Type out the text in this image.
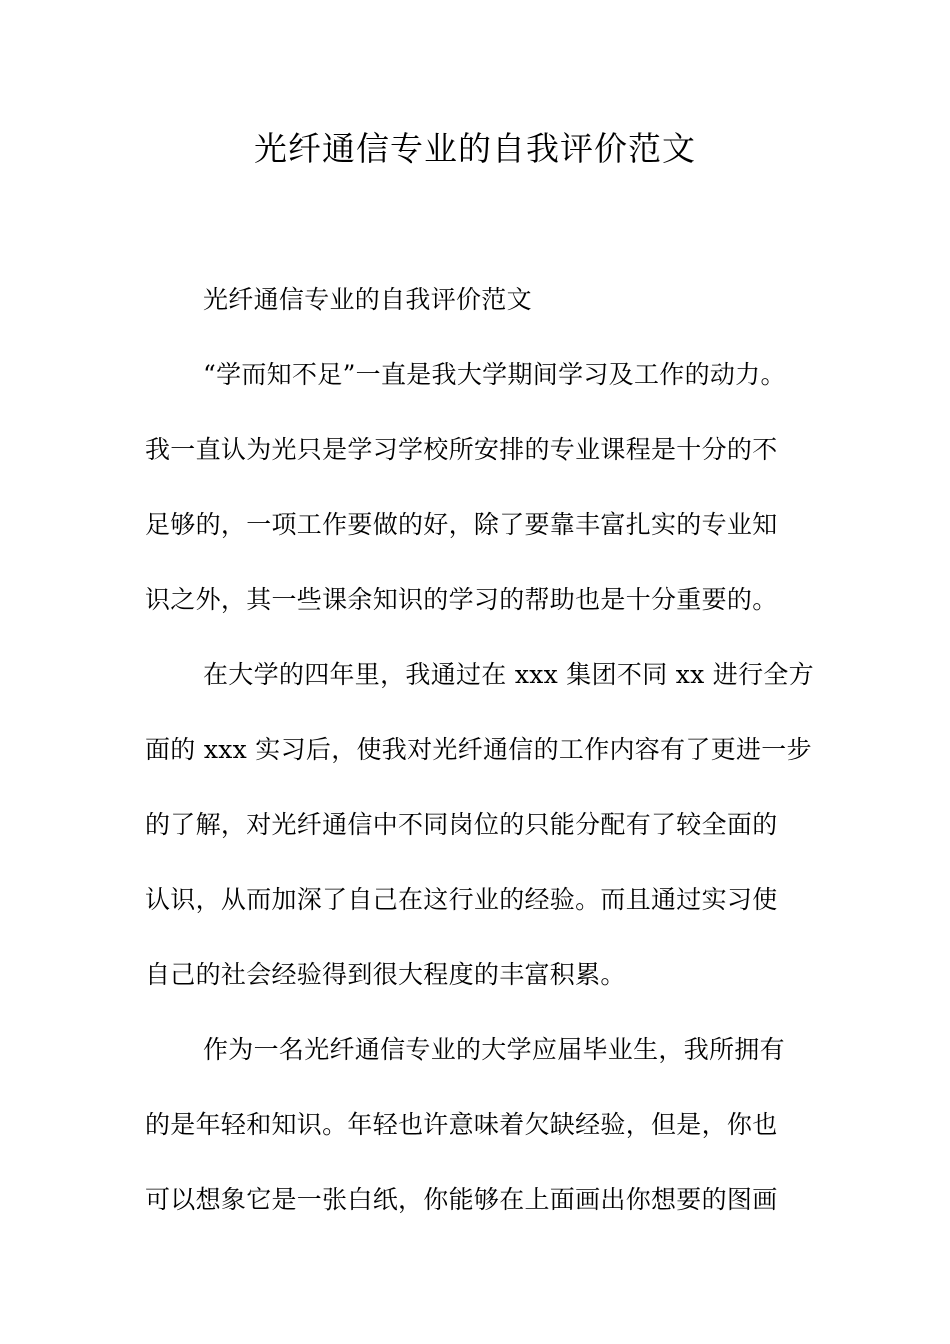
光纤通信专业的自我评价范文
光纤通信专业的自我评价范文
“学而知不足”一直是我大学期间学习及工作的动力。
我一直认为光只是学习学校所安排的专业课程是十分的不
足够的，一项工作要做的好，除了要靠丰富扎实的专业知
识之外，其一些课余知识的学习的帮助也是十分重要的。
在大学的四年里，我通过在 xxx 集团不同 xx 进行全方
面的 xxx 实习后，使我对光纤通信的工作内容有了更进一步
的了解，对光纤通信中不同岗位的只能分配有了较全面的
认识，从而加深了自己在这行业的经验。而且通过实习使
自己的社会经验得到很大程度的丰富积累。
作为一名光纤通信专业的大学应届毕业生，我所拥有
的是年轻和知识。年轻也许意味着欠缺经验，但是，你也
可以想象它是一张白纸，你能够在上面画出你想要的图画
